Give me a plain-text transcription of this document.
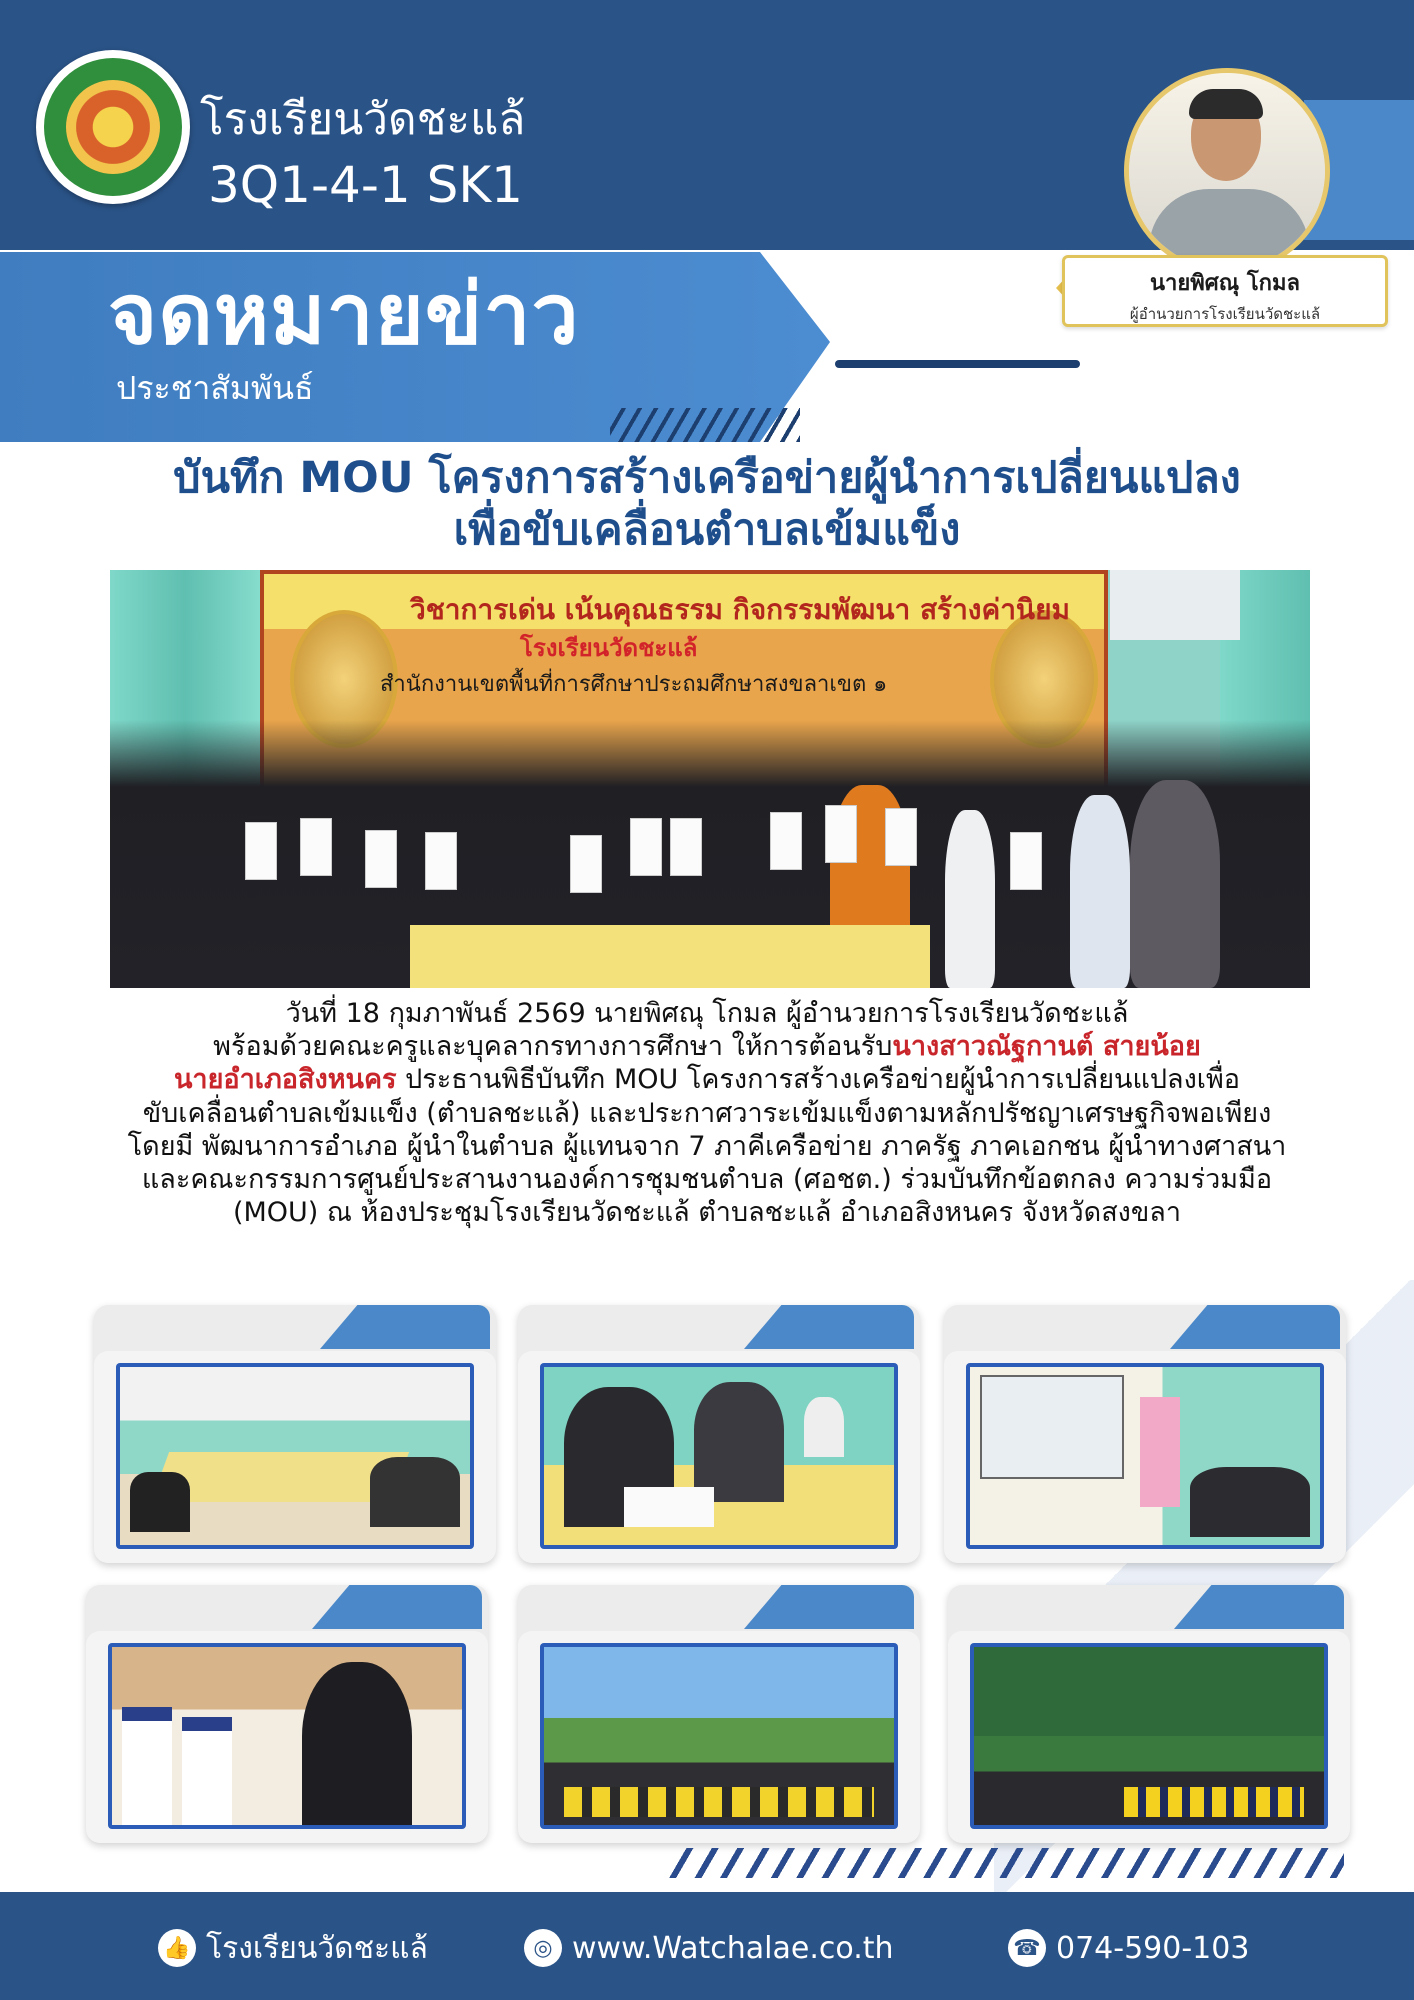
โรงเรียนวัดชะแล้
3Q1-4-1 SK1
จดหมายข่าว
ประชาสัมพันธ์
นายพิศณุ โกมล
ผู้อำนวยการโรงเรียนวัดชะแล้
บันทึก MOU โครงการสร้างเครือข่ายผู้นำการเปลี่ยนแปลง
เพื่อขับเคลื่อนตำบลเข้มแข็ง
วิชาการเด่น เน้นคุณธรรม กิจกรรมพัฒนา สร้างค่านิยม
โรงเรียนวัดชะแล้
สำนักงานเขตพื้นที่การศึกษาประถมศึกษาสงขลาเขต ๑
วันที่ 18 กุมภาพันธ์ 2569 นายพิศณุ โกมล ผู้อำนวยการโรงเรียนวัดชะแล้
พร้อมด้วยคณะครูและบุคลากรทางการศึกษา ให้การต้อนรับนางสาวณัฐกานต์ สายน้อย
นายอำเภอสิงหนคร ประธานพิธีบันทึก MOU โครงการสร้างเครือข่ายผู้นำการเปลี่ยนแปลงเพื่อ
ขับเคลื่อนตำบลเข้มแข็ง (ตำบลชะแล้) และประกาศวาระเข้มแข็งตามหลักปรัชญาเศรษฐกิจพอเพียง
โดยมี พัฒนาการอำเภอ ผู้นำในตำบล ผู้แทนจาก 7 ภาคีเครือข่าย ภาครัฐ ภาคเอกชน ผู้นำทางศาสนา
และคณะกรรมการศูนย์ประสานงานองค์การชุมชนตำบล (ศอชต.) ร่วมบันทึกข้อตกลง ความร่วมมือ
(MOU) ณ ห้องประชุมโรงเรียนวัดชะแล้ ตำบลชะแล้ อำเภอสิงหนคร จังหวัดสงขลา
👍 โรงเรียนวัดชะแล้	◎ www.Watchalae.co.th	☎ 074-590-103
